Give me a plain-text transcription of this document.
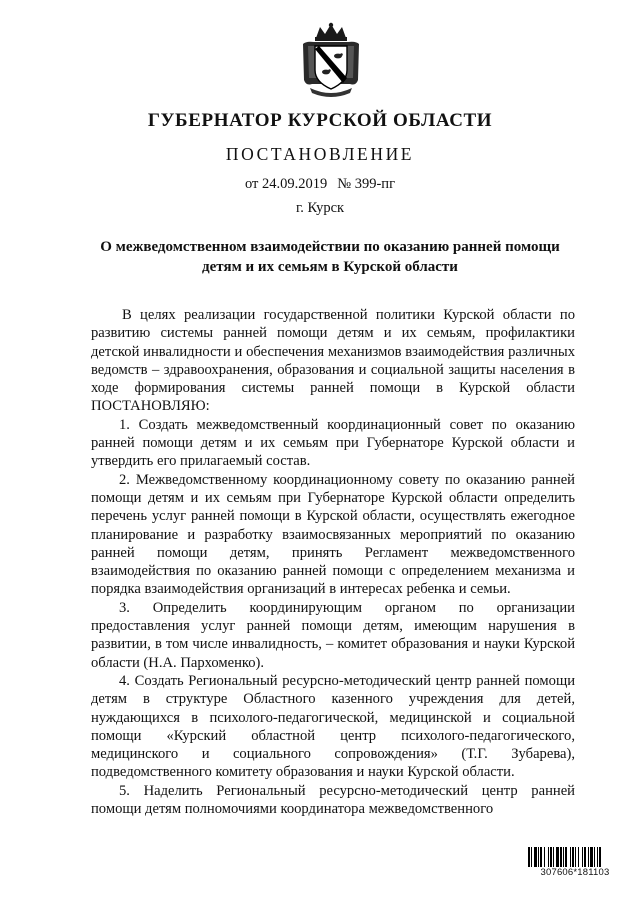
ГУБЕРНАТОР КУРСКОЙ ОБЛАСТИ
ПОСТАНОВЛЕНИЕ
от 24.09.2019 № 399-пг
г. Курск
О межведомственном взаимодействии по оказанию ранней помощи детям и их семьям в Курской области

В целях реализации государственной политики Курской области по развитию системы ранней помощи детям и их семьям, профилактики детской инвалидности и обеспечения механизмов взаимодействия различных ведомств – здравоохранения, образования и социальной защиты населения в ходе формирования системы ранней помощи в Курской области ПОСТАНОВЛЯЮ:

1. Создать межведомственный координационный совет по оказанию ранней помощи детям и их семьям при Губернаторе Курской области и утвердить его прилагаемый состав.

2. Межведомственному координационному совету по оказанию ранней помощи детям и их семьям при Губернаторе Курской области определить перечень услуг ранней помощи в Курской области, осуществлять ежегодное планирование и разработку взаимосвязанных мероприятий по оказанию ранней помощи детям, принять Регламент межведомственного взаимодействия по оказанию ранней помощи с определением механизма и порядка взаимодействия организаций в интересах ребенка и семьи.

3. Определить координирующим органом по организации предоставления услуг ранней помощи детям, имеющим нарушения в развитии, в том числе инвалидность, – комитет образования и науки Курской области (Н.А. Пархоменко).

4. Создать Региональный ресурсно-методический центр ранней помощи детям в структуре Областного казенного учреждения для детей, нуждающихся в психолого-педагогической, медицинской и социальной помощи «Курский областной центр психолого-педагогического, медицинского и социального сопровождения» (Т.Г. Зубарева), подведомственного комитету образования и науки Курской области.

5. Наделить Региональный ресурсно-методический центр ранней помощи детям полномочиями координатора межведомственного

307606*181103
